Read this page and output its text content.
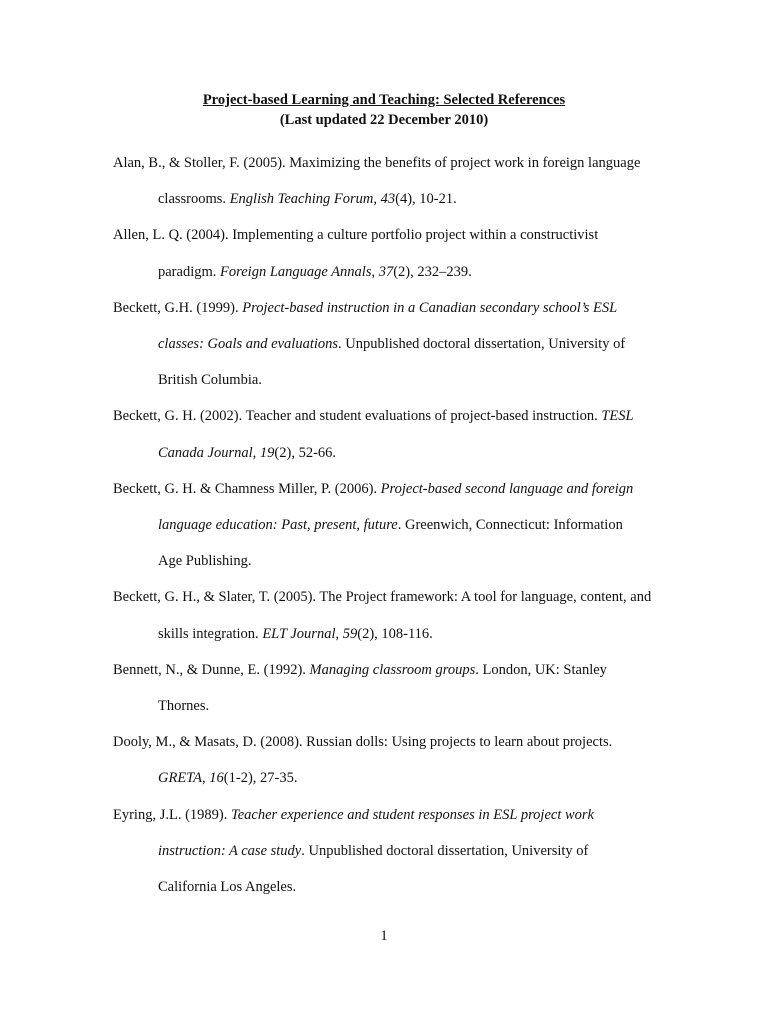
Project-based Learning and Teaching: Selected References
(Last updated 22 December 2010)
Alan, B., & Stoller, F. (2005). Maximizing the benefits of project work in foreign language
classrooms. English Teaching Forum, 43(4), 10-21.
Allen, L. Q. (2004). Implementing a culture portfolio project within a constructivist
paradigm. Foreign Language Annals, 37(2), 232–239.
Beckett, G.H. (1999). Project-based instruction in a Canadian secondary school’s ESL
classes: Goals and evaluations. Unpublished doctoral dissertation, University of
British Columbia.
Beckett, G. H. (2002). Teacher and student evaluations of project-based instruction. TESL
Canada Journal, 19(2), 52-66.
Beckett, G. H. & Chamness Miller, P. (2006). Project-based second language and foreign
language education: Past, present, future. Greenwich, Connecticut: Information
Age Publishing.
Beckett, G. H., & Slater, T. (2005). The Project framework: A tool for language, content, and
skills integration. ELT Journal, 59(2), 108-116.
Bennett, N., & Dunne, E. (1992). Managing classroom groups. London, UK: Stanley
Thornes.
Dooly, M., & Masats, D. (2008). Russian dolls: Using projects to learn about projects.
GRETA, 16(1-2), 27-35.
Eyring, J.L. (1989). Teacher experience and student responses in ESL project work
instruction: A case study. Unpublished doctoral dissertation, University of
California Los Angeles.
1
